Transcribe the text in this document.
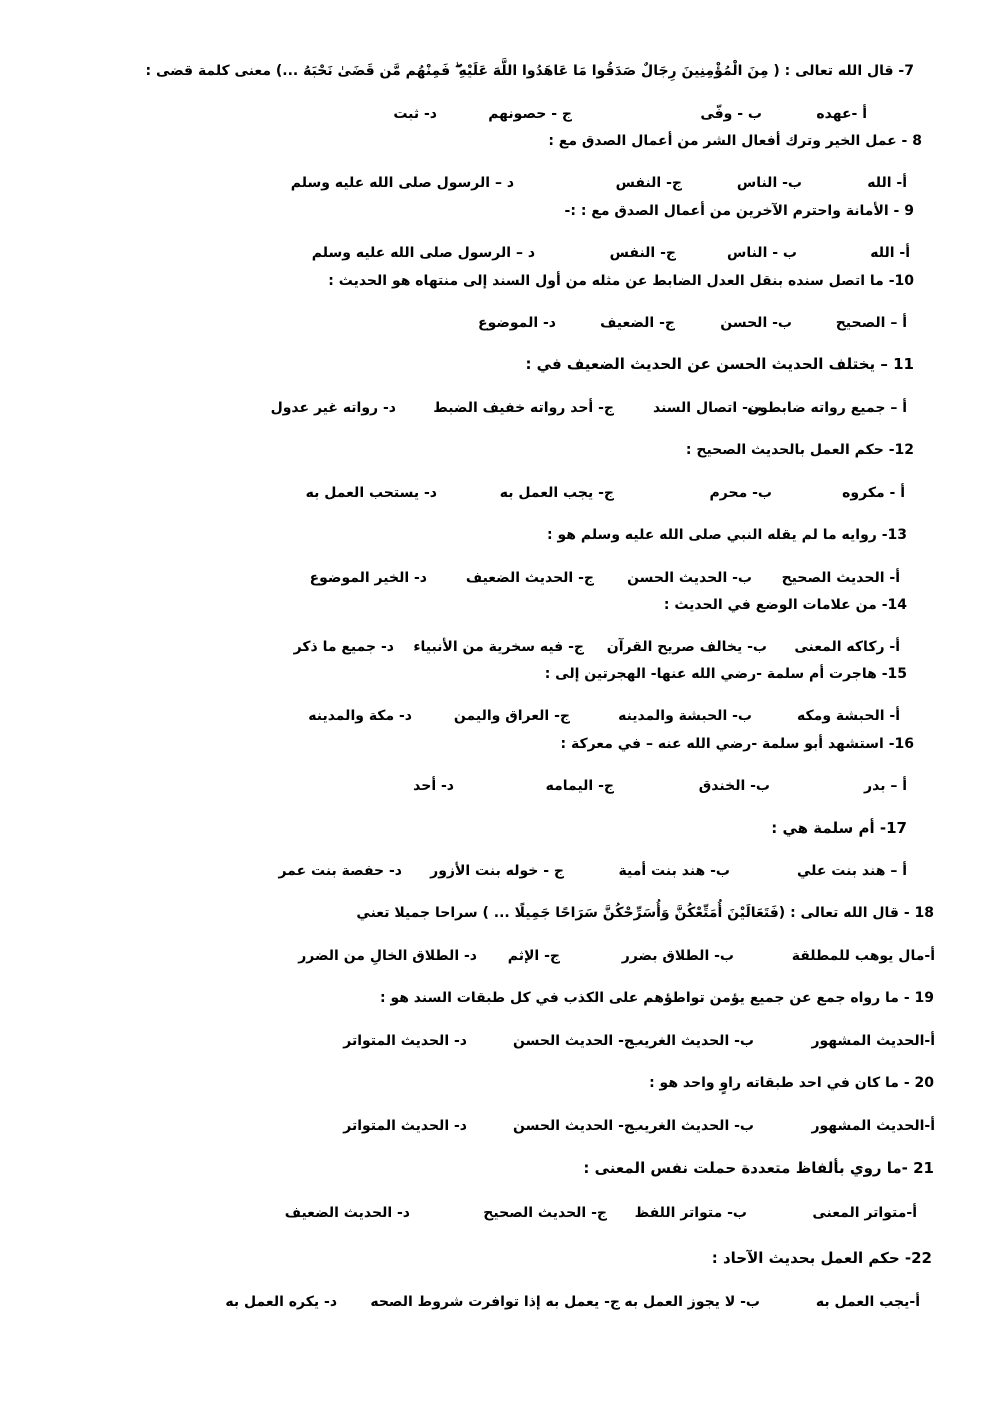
7- قال الله تعالى : ( مِنَ الْمُؤْمِنِينَ رِجَالٌ صَدَقُوا مَا عَاهَدُوا اللَّهَ عَلَيْهِ ۖ فَمِنْهُم مَّن قَضَىٰ نَحْبَهُ ...) معنى كلمة قضى :
أ -عهده
ب - وفّى
ج - حصونهم
د- ثبت
8 - عمل الخير وترك أفعال الشر من أعمال الصدق مع :
أ- الله
ب- الناس
ج- النفس
د – الرسول صلى الله عليه وسلم
9 - الأمانة واحترم الآخرين من أعمال الصدق مع : :-
أ- الله
ب - الناس
ج- النفس
د – الرسول صلى الله عليه وسلم
10- ما اتصل سنده بنقل العدل الضابط عن مثله من أول السند إلى منتهاه هو الحديث :
أ – الصحيح
ب- الحسن
ج- الضعيف
د- الموضوع
11 – يختلف الحديث الحسن عن الحديث الضعيف في :
أ – جميع رواته ضابطون
ب- اتصال السند
ج- أحد رواته خفيف الضبط
د- رواته غير عدول
12- حكم العمل بالحديث الصحيح :
أ - مكروه
ب- محرم
ج- يجب العمل به
د- يستحب العمل به
13- روايه ما لم يقله النبي صلى الله عليه وسلم هو :
أ- الحديث الصحيح
ب- الحديث الحسن
ج- الحديث الضعيف
د- الخير الموضوع
14- من علامات الوضع في الحديث :
أ- ركاكه المعنى
ب- يخالف صريح القرآن
ج- فيه سخرية من الأنبياء
د- جميع ما ذكر
15- هاجرت أم سلمة -رضي الله عنها- الهجرتين إلى :
أ- الحبشة ومكه
ب- الحبشة والمدينه
ج- العراق واليمن
د- مكة والمدينه
16- استشهد أبو سلمة -رضي الله عنه – في معركة :
أ – بدر
ب- الخندق
ج- اليمامه
د- أحد
17- أم سلمة هي :
أ – هند بنت علي
ب- هند بنت أمية
ج - خوله بنت الأزور
د- حفصة بنت عمر
18 - قال الله تعالى : (فَتَعَالَيْنَ أُمَتِّعْكُنَّ وَأُسَرِّحْكُنَّ سَرَاحًا جَمِيلًا ... ) سراحا جميلا تعني
أ-مال يوهب للمطلقة
ب- الطلاق بضرر
ج- الإثم
د- الطلاق الخالِ من الضرر
19 - ما رواه جمع عن جميع يؤمن تواطؤهم على الكذب في كل طبقات السند هو :
أ-الحديث المشهور
ب- الحديث الغريب
ج- الحديث الحسن
د- الحديث المتواتر
20 - ما كان في احد طبقاته راوٍ واحد هو :
أ-الحديث المشهور
ب- الحديث الغريب
ج- الحديث الحسن
د- الحديث المتواتر
21 -ما روي بألفاظ متعددة حملت نفس المعنى :
أ-متواتر المعنى
ب- متواتر اللفظ
ج- الحديث الصحيح
د- الحديث الضعيف
22- حكم العمل بحديث الآحاد :
أ-يجب العمل به
ب- لا يجوز العمل به
ج- يعمل به إذا توافرت شروط الصحه
د- يكره العمل به
